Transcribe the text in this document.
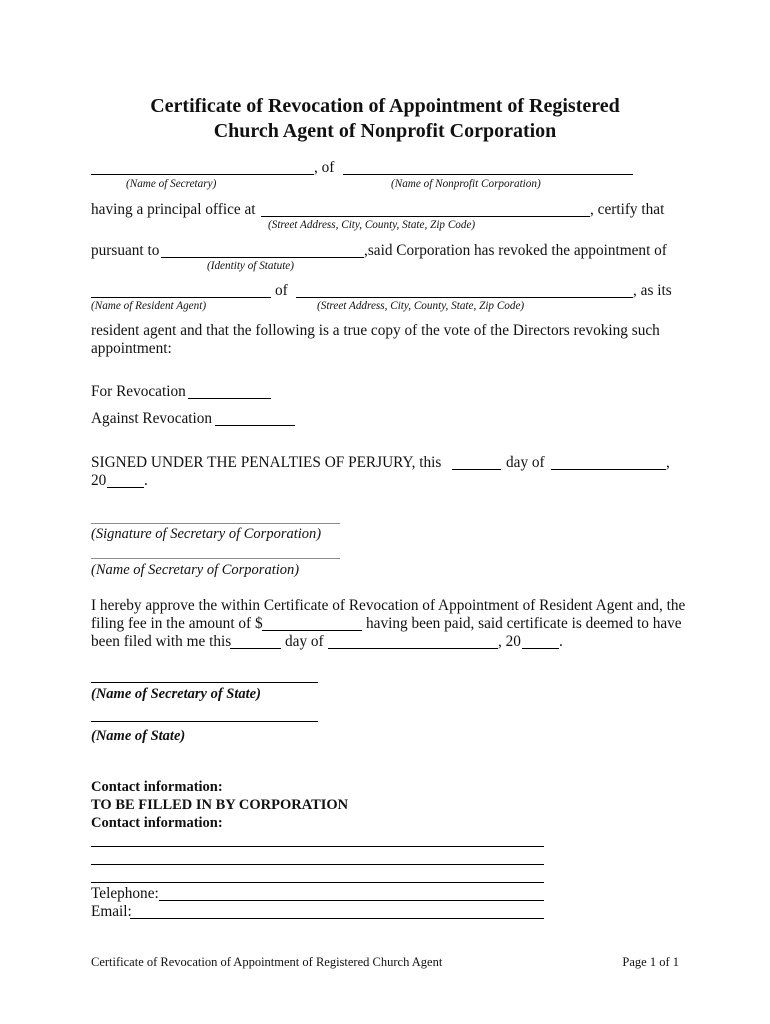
Certificate of Revocation of Appointment of Registered
Church Agent of Nonprofit Corporation
, of
(Name of Secretary)	(Name of Nonprofit Corporation)
having a principal office at	, certify that
(Street Address, City, County, State, Zip Code)
pursuant to	,said Corporation has revoked the appointment of
(Identity of Statute)
of	, as its
(Name of Resident Agent)	(Street Address, City, County, State, Zip Code)
resident agent and that the following is a true copy of the vote of the Directors revoking such
appointment:
For Revocation
Against Revocation
SIGNED UNDER THE PENALTIES OF PERJURY, this	day of	,
20 .
(Signature of Secretary of Corporation)
(Name of Secretary of Corporation)
I hereby approve the within Certificate of Revocation of Appointment of Resident Agent and, the
filing fee in the amount of $	having been paid, said certificate is deemed to have
been filed with me this	day of	, 20 .
(Name of Secretary of State)
(Name of State)
Contact information:
TO BE FILLED IN BY CORPORATION
Contact information:
Telephone:
Email:
Certificate of Revocation of Appointment of Registered Church Agent	Page 1 of 1
